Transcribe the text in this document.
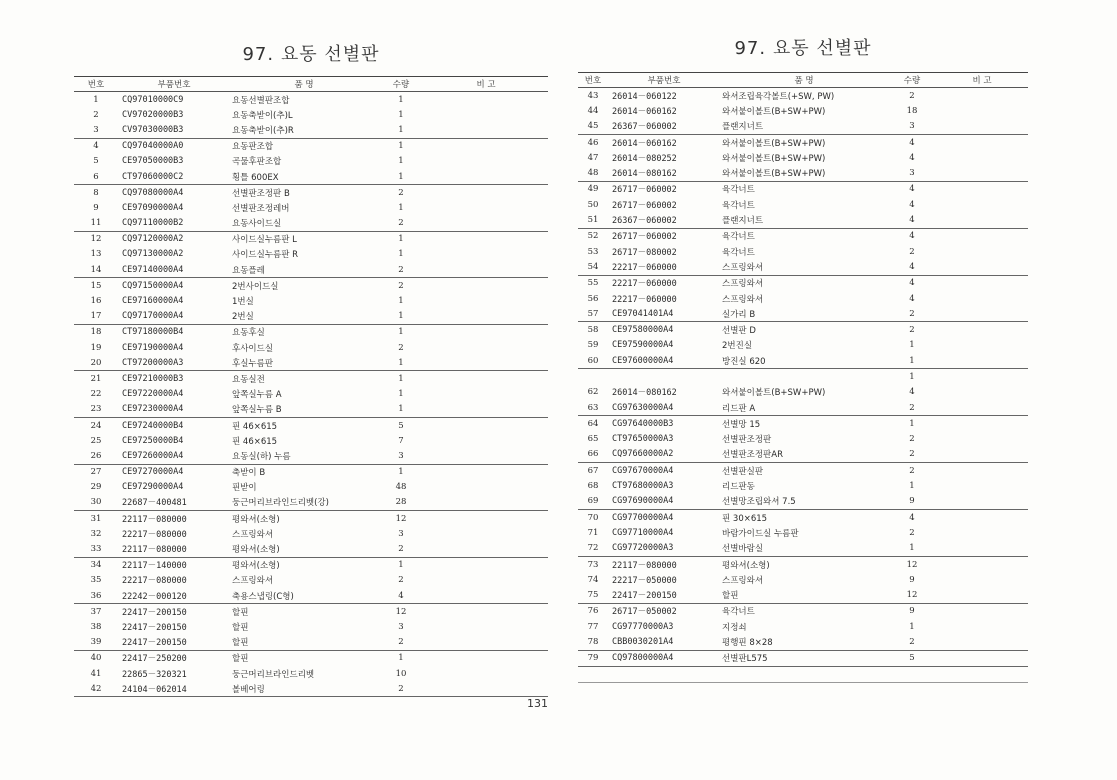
97. 요동 선별판
번호	부품번호	품 명	수량	비 고
1	CQ97010000C9	요동선별판조합	1	
2	CV97020000B3	요동축받이(추)L	1	
3	CV97030000B3	요동축받이(추)R	1	
4	CQ97040000A0	요동판조합	1	
5	CE97050000B3	곡물후판조합	1	
6	CT97060000C2	횡틀 600EX	1	
8	CQ97080000A4	선별판조정판 B	2	
9	CE97090000A4	선별판조정레버	1	
11	CQ97110000B2	요동사이드실	2	
12	CQ97120000A2	사이드실누름판 L	1	
13	CQ97130000A2	사이드실누름판 R	1	
14	CE97140000A4	요동플레	2	
15	CQ97150000A4	2번사이드실	2	
16	CE97160000A4	1번실	1	
17	CQ97170000A4	2번실	1	
18	CT97180000B4	요동후실	1	
19	CE97190000A4	후사이드실	2	
20	CT97200000A3	후실누름판	1	
21	CE97210000B3	요동실전	1	
22	CE97220000A4	앞쪽실누름 A	1	
23	CE97230000A4	앞쪽실누름 B	1	
24	CE97240000B4	핀 46×615	5	
25	CE97250000B4	핀 46×615	7	
26	CE97260000A4	요동실(하) 누름	3	
27	CE97270000A4	축받이 B	1	
29	CE97290000A4	핀받이	48	
30	22687－400481	둥근머리브라인드리벳(강)	28	
31	22117－080000	평와셔(소형)	12	
32	22217－080000	스프링와셔	3	
33	22117－080000	평와셔(소형)	2	
34	22117－140000	평와셔(소형)	1	
35	22217－080000	스프링와셔	2	
36	22242－000120	축용스냅링(C형)	4	
37	22417－200150	할핀	12	
38	22417－200150	할핀	3	
39	22417－200150	할핀	2	
40	22417－250200	할핀	1	
41	22865－320321	둥근머리브라인드리벳	10	
42	24104－062014	볼베어링	2	
97. 요동 선별판
번호	부품번호	품 명	수량	비 고
43	26014－060122	와셔조립육각볼트(+SW, PW)	2	
44	26014－060162	와셔붙이볼트(B+SW+PW)	18	
45	26367－060002	플랜지너트	3	
46	26014－060162	와셔붙이볼트(B+SW+PW)	4	
47	26014－080252	와셔붙이볼트(B+SW+PW)	4	
48	26014－080162	와셔붙이볼트(B+SW+PW)	3	
49	26717－060002	육각너트	4	
50	26717－060002	육각너트	4	
51	26367－060002	플랜지너트	4	
52	26717－060002	육각너트	4	
53	26717－080002	육각너트	2	
54	22217－060000	스프링와셔	4	
55	22217－060000	스프링와셔	4	
56	22217－060000	스프링와셔	4	
57	CE97041401A4	실가리 B	2	
58	CE97580000A4	선별판 D	2	
59	CE97590000A4	2번진실	1	
60	CE97600000A4	방진실 620	1	
			1	
62	26014－080162	와셔붙이볼트(B+SW+PW)	4	
63	CG97630000A4	리드판 A	2	
64	CG97640000B3	선별망 15	1	
65	CT97650000A3	선별판조정판	2	
66	CQ97660000A2	선별판조정판AR	2	
67	CG97670000A4	선별판실판	2	
68	CT97680000A3	리드판동	1	
69	CG97690000A4	선별망조립와셔 7.5	9	
70	CG97700000A4	핀 30×615	4	
71	CG97710000A4	바람가이드실 누름판	2	
72	CG97720000A3	선별바람실	1	
73	22117－080000	평와셔(소형)	12	
74	22217－050000	스프링와셔	9	
75	22417－200150	할핀	12	
76	26717－050002	육각너트	9	
77	CG97770000A3	지정쇠	1	
78	CBB0030201A4	평행핀 8×28	2	
79	CQ97800000A4	선별판L575	5	
131
